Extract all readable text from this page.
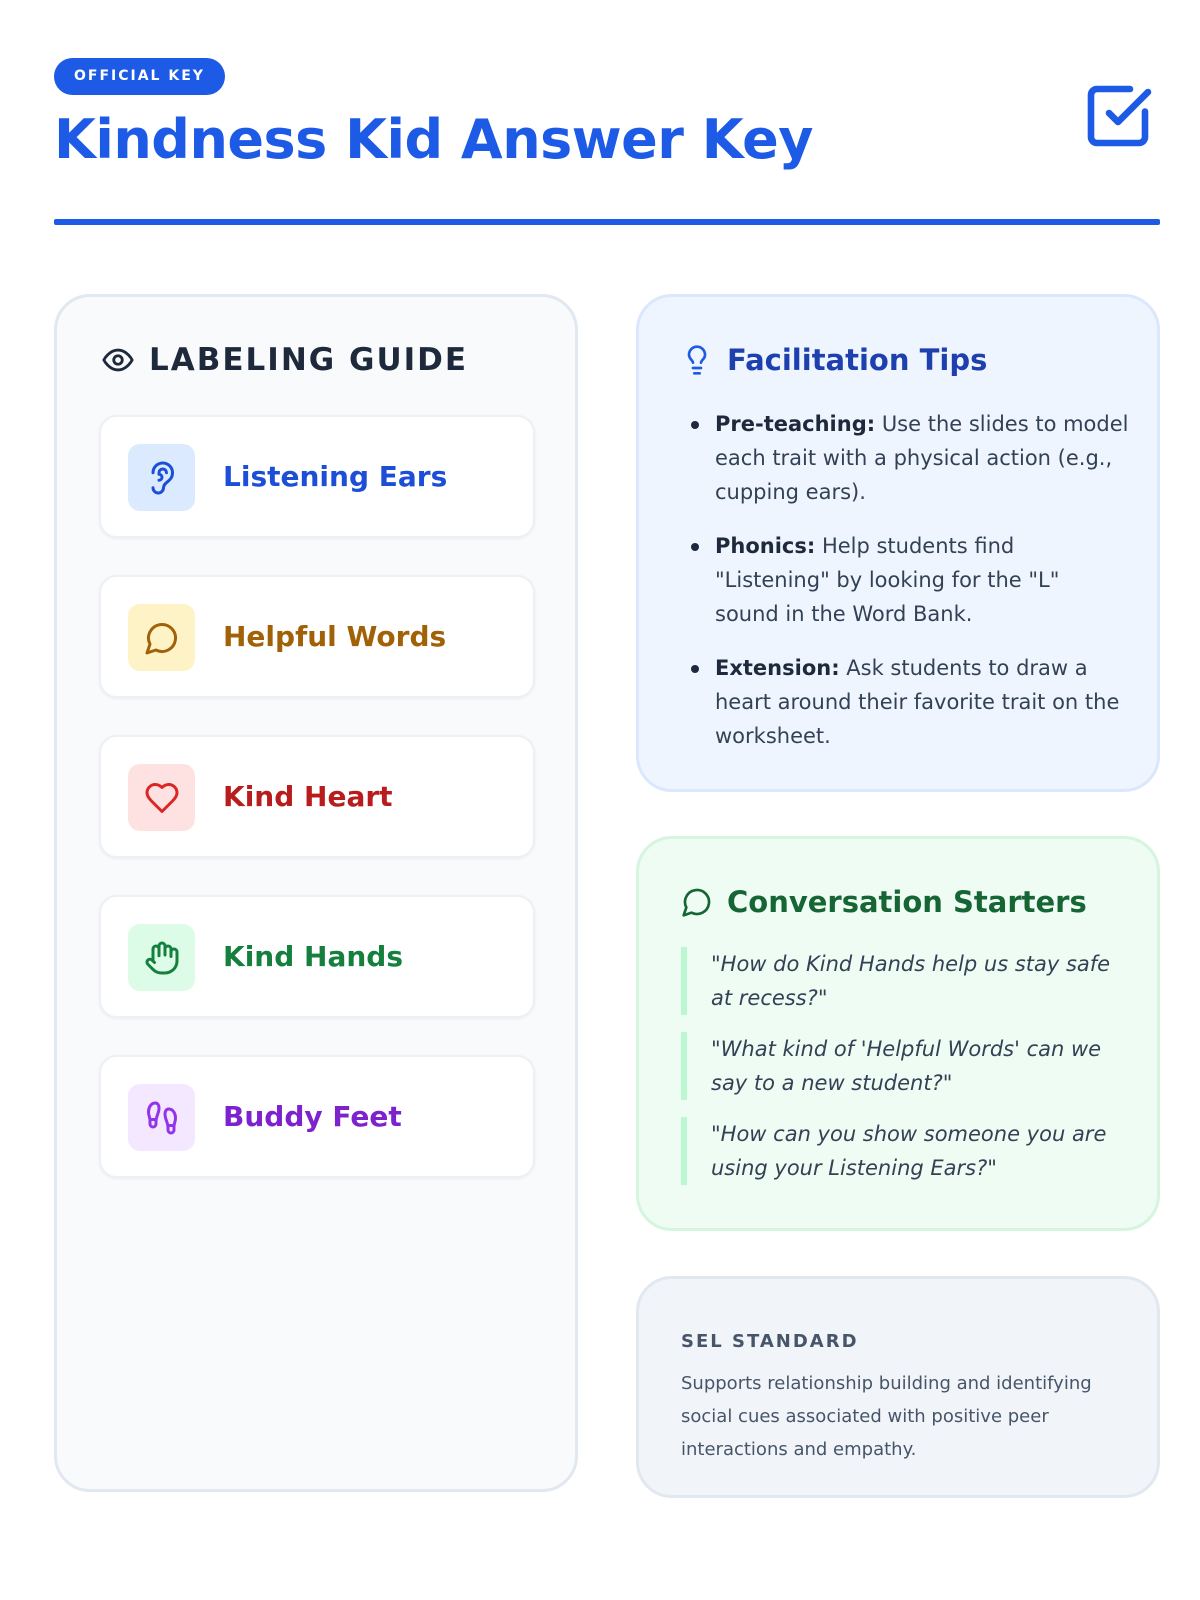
OFFICIAL KEY
Kindness Kid Answer Key
LABELING GUIDE
Listening Ears
Helpful Words
Kind Heart
Kind Hands
Buddy Feet
Facilitation Tips
Pre-teaching: Use the slides to model each trait with a physical action (e.g., cupping ears).
Phonics: Help students find "Listening" by looking for the "L" sound in the Word Bank.
Extension: Ask students to draw a heart around their favorite trait on the worksheet.
Conversation Starters
"How do Kind Hands help us stay safe at recess?"
"What kind of 'Helpful Words' can we say to a new student?"
"How can you show someone you are using your Listening Ears?"
SEL STANDARD
Supports relationship building and identifying social cues associated with positive peer interactions and empathy.
